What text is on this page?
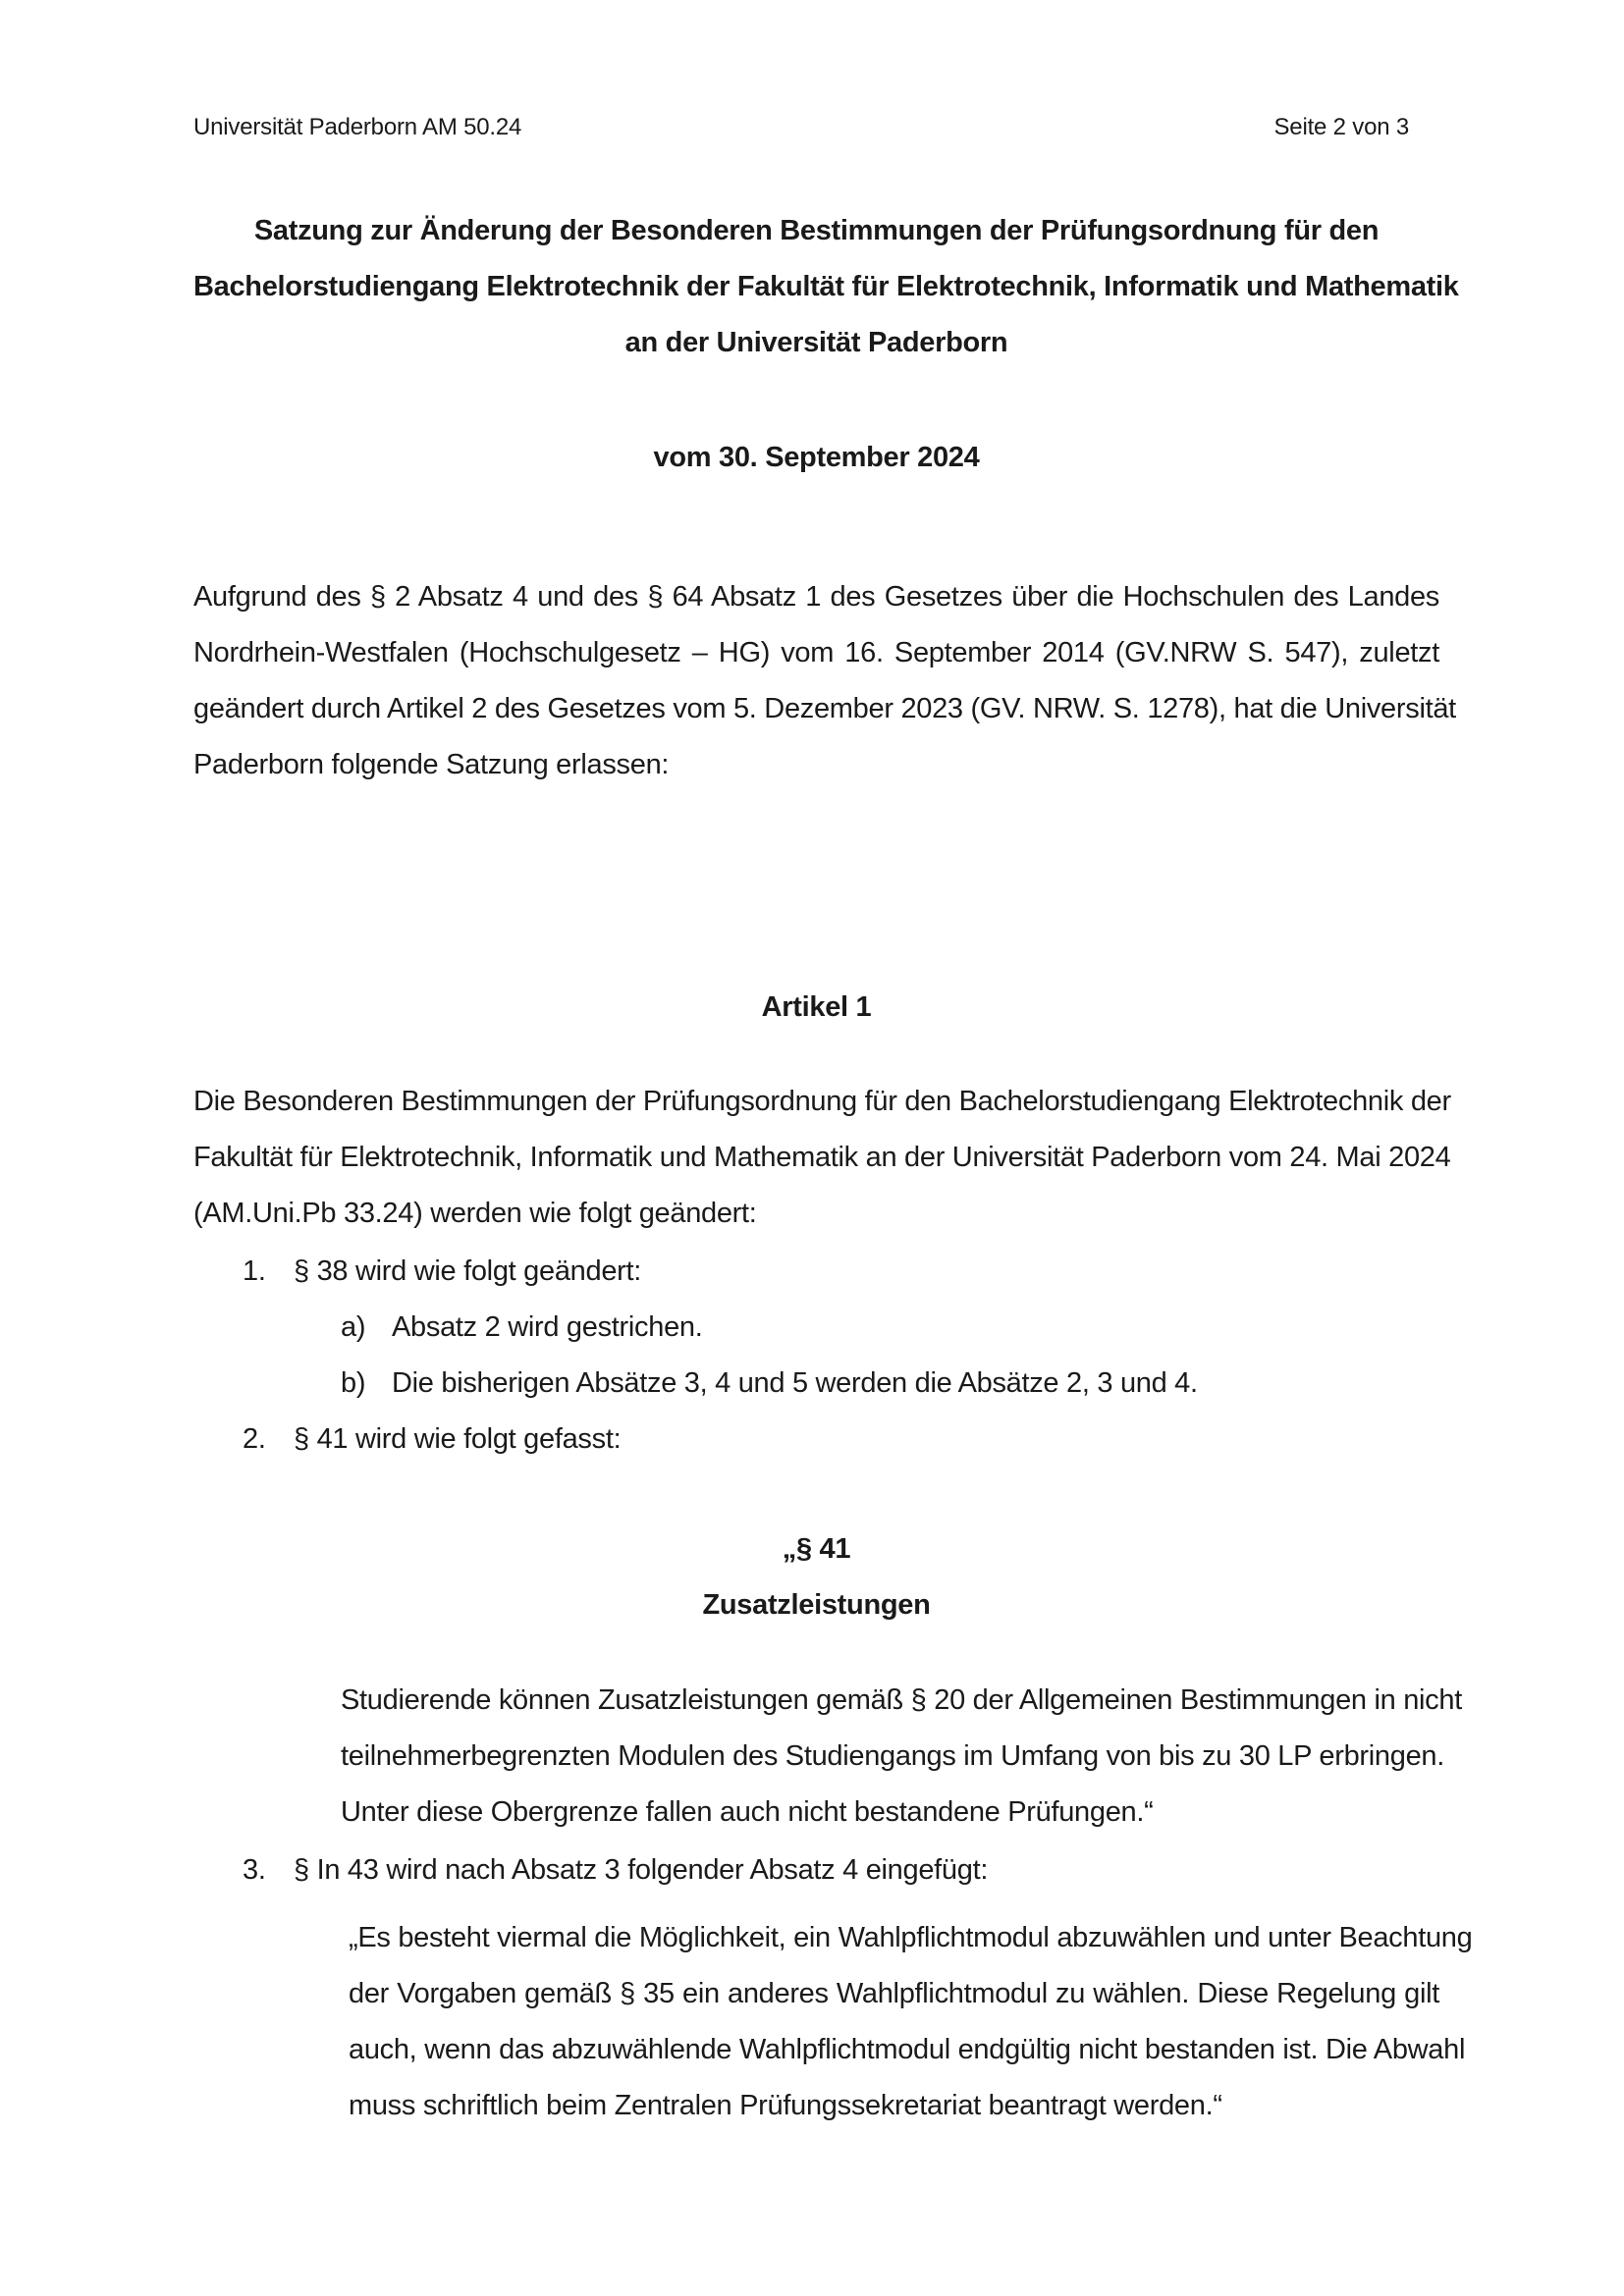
Universität Paderborn AM 50.24	Seite 2 von 3
Satzung zur Änderung der Besonderen Bestimmungen der Prüfungsordnung für den
Bachelorstudiengang Elektrotechnik der Fakultät für Elektrotechnik, Informatik und Mathematik
an der Universität Paderborn
vom 30. September 2024
Aufgrund des § 2 Absatz 4 und des § 64 Absatz 1 des Gesetzes über die Hochschulen des Landes
Nordrhein-Westfalen (Hochschulgesetz – HG) vom 16. September 2014 (GV.NRW S. 547), zuletzt
geändert durch Artikel 2 des Gesetzes vom 5. Dezember 2023 (GV. NRW. S. 1278), hat die Universität
Paderborn folgende Satzung erlassen:
Artikel 1
Die Besonderen Bestimmungen der Prüfungsordnung für den Bachelorstudiengang Elektrotechnik der
Fakultät für Elektrotechnik, Informatik und Mathematik an der Universität Paderborn vom 24. Mai 2024
(AM.Uni.Pb 33.24) werden wie folgt geändert:
1. § 38 wird wie folgt geändert:
a) Absatz 2 wird gestrichen.
b) Die bisherigen Absätze 3, 4 und 5 werden die Absätze 2, 3 und 4.
2. § 41 wird wie folgt gefasst:
„§ 41
Zusatzleistungen
Studierende können Zusatzleistungen gemäß § 20 der Allgemeinen Bestimmungen in nicht
teilnehmerbegrenzten Modulen des Studiengangs im Umfang von bis zu 30 LP erbringen.
Unter diese Obergrenze fallen auch nicht bestandene Prüfungen.“
3. § In 43 wird nach Absatz 3 folgender Absatz 4 eingefügt:
„Es besteht viermal die Möglichkeit, ein Wahlpflichtmodul abzuwählen und unter Beachtung
der Vorgaben gemäß § 35 ein anderes Wahlpflichtmodul zu wählen. Diese Regelung gilt
auch, wenn das abzuwählende Wahlpflichtmodul endgültig nicht bestanden ist. Die Abwahl
muss schriftlich beim Zentralen Prüfungssekretariat beantragt werden.“
